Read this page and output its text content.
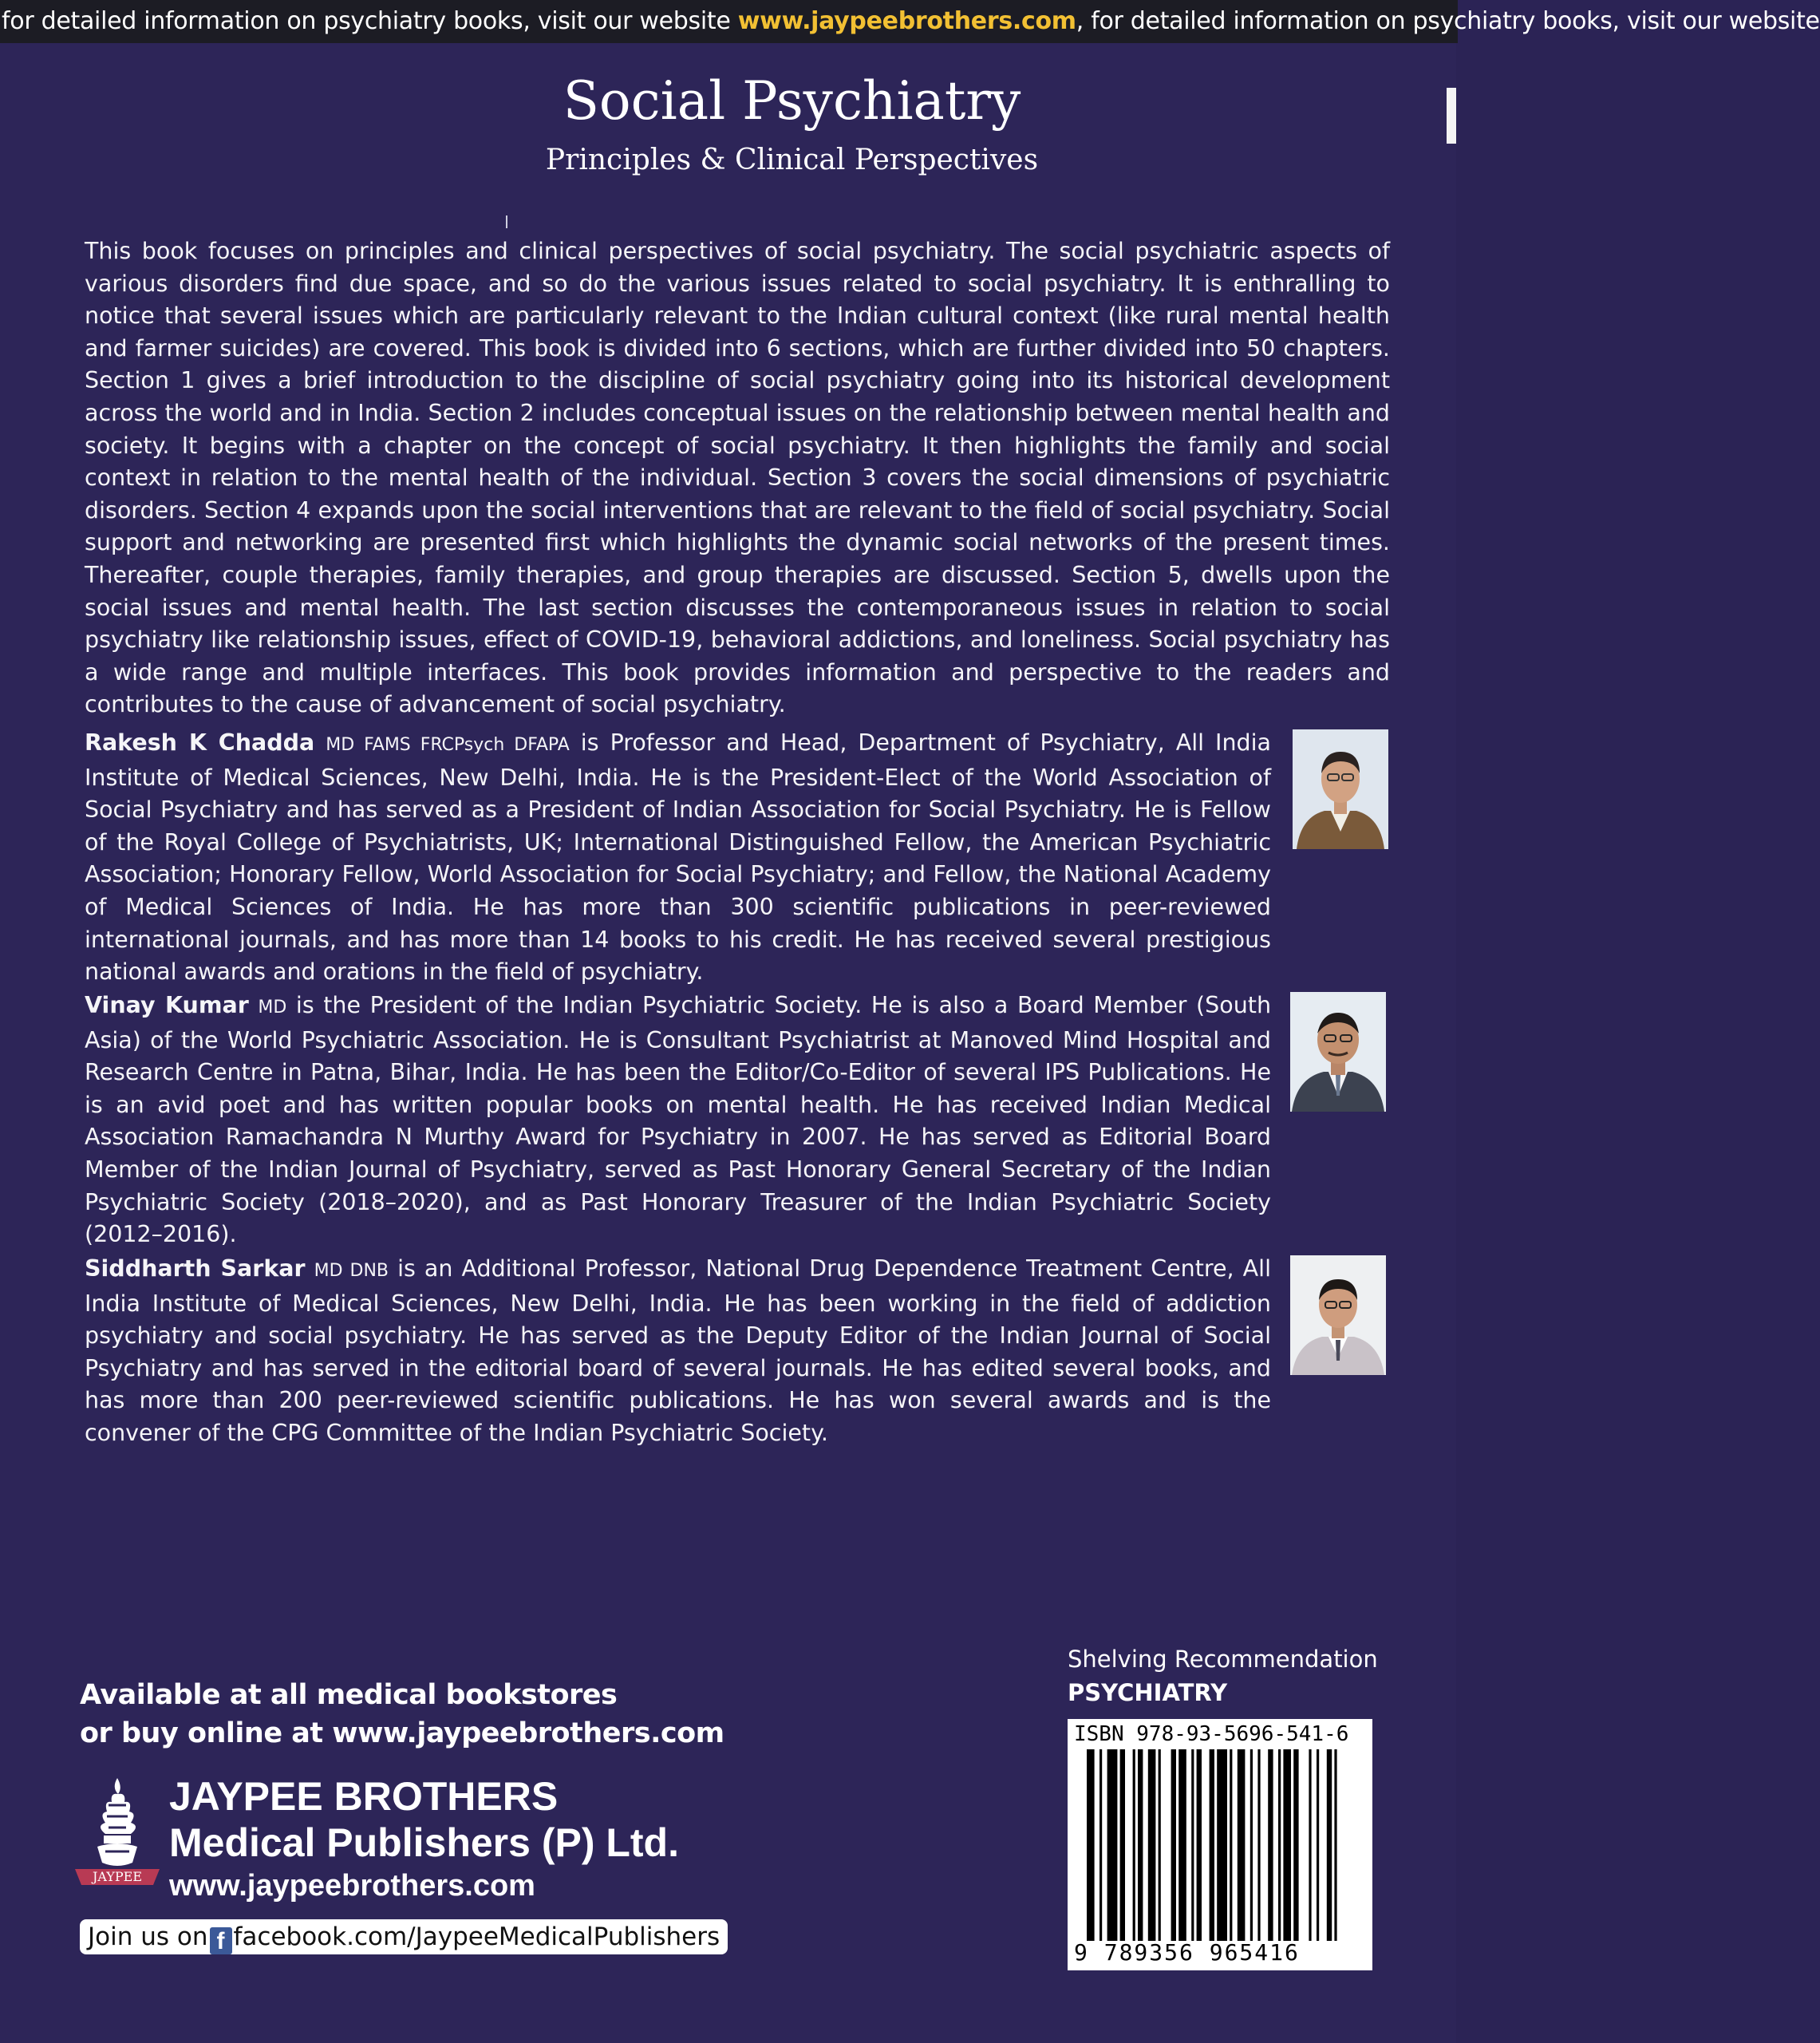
for detailed information on psychiatry books, visit our website www.jaypeebrothers.com, for detailed information on psychiatry books, visit our website
Social Psychiatry
Principles & Clinical Perspectives

This book focuses on principles and clinical perspectives of social psychiatry. The social psychiatric aspects of various disorders find due space, and so do the various issues related to social psychiatry. It is enthralling to notice that several issues which are particularly relevant to the Indian cultural context (like rural mental health and farmer suicides) are covered. This book is divided into 6 sections, which are further divided into 50 chapters. Section 1 gives a brief introduction to the discipline of social psychiatry going into its historical development across the world and in India. Section 2 includes conceptual issues on the relationship between mental health and society. It begins with a chapter on the concept of social psychiatry. It then highlights the family and social context in relation to the mental health of the individual. Section 3 covers the social dimensions of psychiatric disorders. Section 4 expands upon the social interventions that are relevant to the field of social psychiatry. Social support and networking are presented first which highlights the dynamic social networks of the present times. Thereafter, couple therapies, family therapies, and group therapies are discussed. Section 5, dwells upon the social issues and mental health. The last section discusses the contemporaneous issues in relation to social psychiatry like relationship issues, effect of COVID-19, behavioral addictions, and loneliness. Social psychiatry has a wide range and multiple interfaces. This book provides information and perspective to the readers and contributes to the cause of advancement of social psychiatry.

Rakesh K Chadda MD FAMS FRCPsych DFAPA is Professor and Head, Department of Psychiatry, All India Institute of Medical Sciences, New Delhi, India. He is the President-Elect of the World Association of Social Psychiatry and has served as a President of Indian Association for Social Psychiatry. He is Fellow of the Royal College of Psychiatrists, UK; International Distinguished Fellow, the American Psychiatric Association; Honorary Fellow, World Association for Social Psychiatry; and Fellow, the National Academy of Medical Sciences of India. He has more than 300 scientific publications in peer-reviewed international journals, and has more than 14 books to his credit. He has received several prestigious national awards and orations in the field of psychiatry.

Vinay Kumar MD is the President of the Indian Psychiatric Society. He is also a Board Member (South Asia) of the World Psychiatric Association. He is Consultant Psychiatrist at Manoved Mind Hospital and Research Centre in Patna, Bihar, India. He has been the Editor/Co-Editor of several IPS Publications. He is an avid poet and has written popular books on mental health. He has received Indian Medical Association Ramachandra N Murthy Award for Psychiatry in 2007. He has served as Editorial Board Member of the Indian Journal of Psychiatry, served as Past Honorary General Secretary of the Indian Psychiatric Society (2018–2020), and as Past Honorary Treasurer of the Indian Psychiatric Society (2012–2016).

Siddharth Sarkar MD DNB is an Additional Professor, National Drug Dependence Treatment Centre, All India Institute of Medical Sciences, New Delhi, India. He has been working in the field of addiction psychiatry and social psychiatry. He has served as the Deputy Editor of the Indian Journal of Social Psychiatry and has served in the editorial board of several journals. He has edited several books, and has more than 200 peer-reviewed scientific publications. He has won several awards and is the convener of the CPG Committee of the Indian Psychiatric Society.

Available at all medical bookstores
or buy online at www.jaypeebrothers.com
JAYPEE
JAYPEE BROTHERS
Medical Publishers (P) Ltd.
www.jaypeebrothers.com
Join us on f facebook.com/JaypeeMedicalPublishers
Shelving Recommendation
PSYCHIATRY
ISBN 978-93-5696-541-6
9 789356 965416
